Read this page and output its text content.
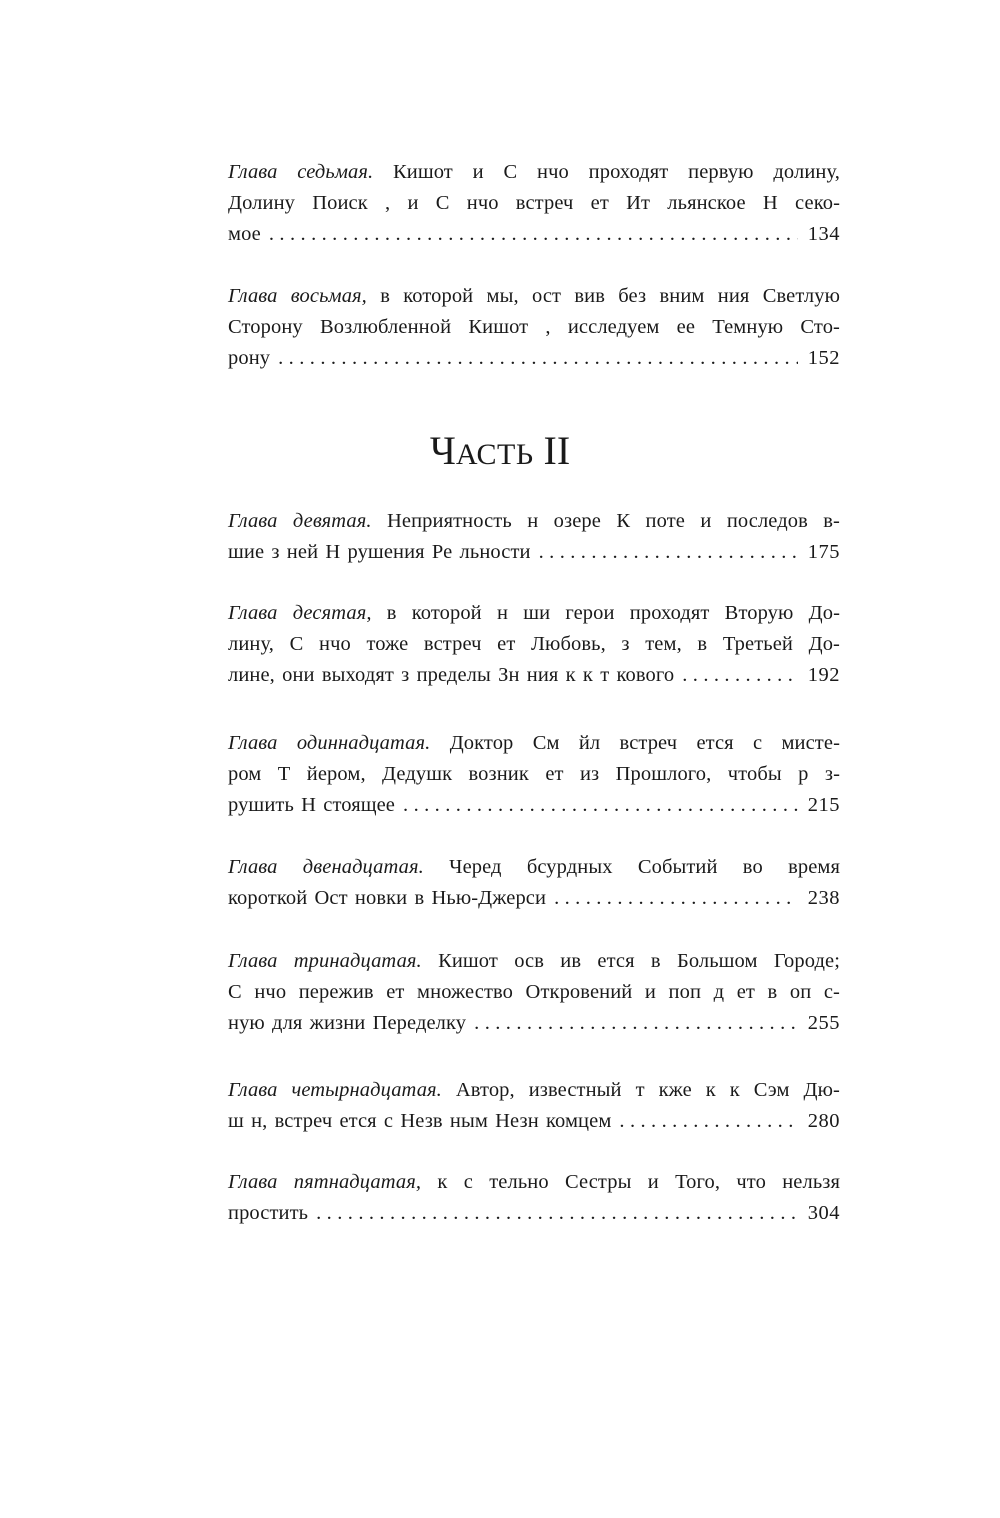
Глава седьмая. Кишот и С нчо проходят первую долину,
Долину Поиск , и С нчо встреч ет Ит льянское Н секо-
мое . . .	134
Глава восьмая, в которой мы, ост вив без вним ния Светлую
Сторону Возлюбленной Кишот , исследуем ее Темную Сто-
рону . . .	152
ЧАСТЬ II
Глава девятая. Неприятность н озере К поте и последов в-
шие з ней Н рушения Ре льности . . .	175
Глава десятая, в которой н ши герои проходят Вторую До-
лину, С нчо тоже встреч ет Любовь, з тем, в Третьей До-
лине, они выходят з пределы Зн ния к к т кового . . .	192
Глава одиннадцатая. Доктор См йл встреч ется с мисте-
ром Т йером, Дедушк возник ет из Прошлого, чтобы р з-
рушить Н стоящее . . .	215
Глава двенадцатая. Черед бсурдных Событий во время
короткой Ост новки в Нью-Джерси . . .	238
Глава тринадцатая. Кишот осв ив ется в Большом Городе;
С нчо пережив ет множество Откровений и поп д ет в оп с-
ную для жизни Переделку . . .	255
Глава четырнадцатая. Автор, известный т кже к к Сэм Дю-
ш н, встреч ется с Незв ным Незн комцем . . .	280
Глава пятнадцатая, к с тельно Сестры и Того, что нельзя
простить . . .	304
